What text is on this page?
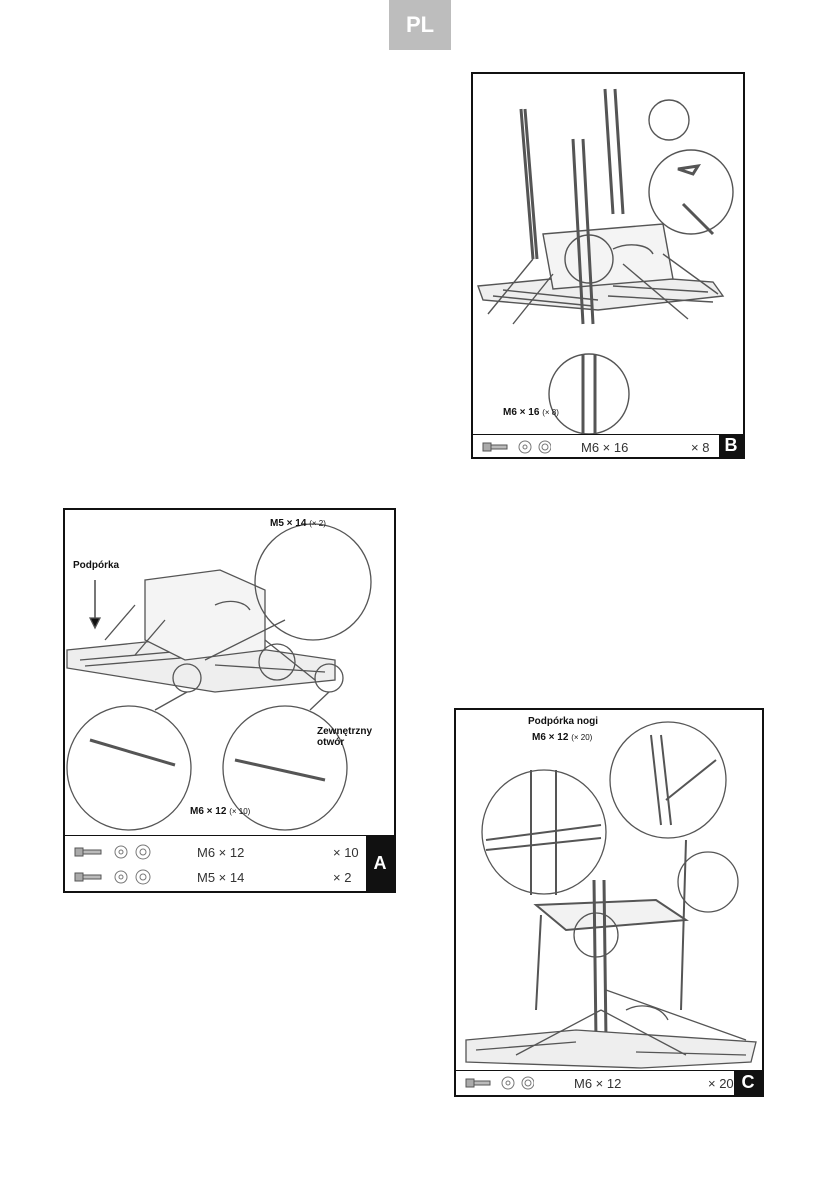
PL
M6 × 16 (× 8)
M6 × 16	× 8 B
Podpórka
M5 × 14 (× 2)
Zewnętrzny
otwór
M6 × 12 (× 10)
M6 × 12	× 10
M5 × 14	× 2
A
Podpórka nogi
M6 × 12 (× 20)
M6 × 12	× 20 C
